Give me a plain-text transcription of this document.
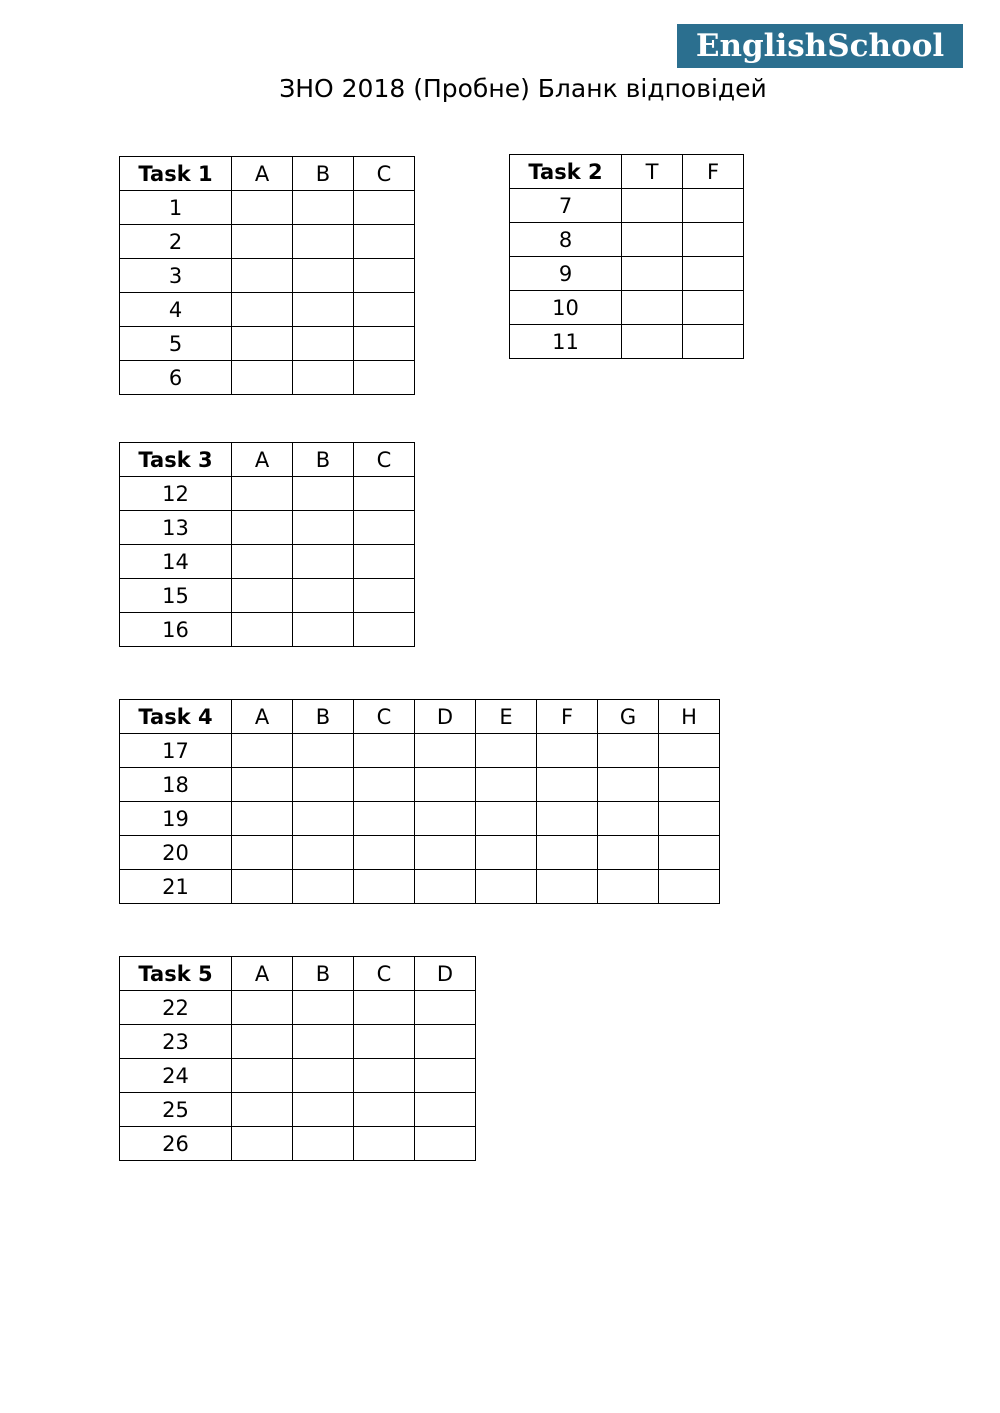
EnglishSchool
ЗНО 2018 (Пробне) Бланк відповідей
Task 1	A	B	C
1			
2			
3			
4			
5			
6			
Task 2	T	F
7		
8		
9		
10		
11		
Task 3	A	B	C
12			
13			
14			
15			
16			
Task 4	A	B	C	D	E	F	G	H
17								
18								
19								
20								
21								
Task 5	A	B	C	D
22				
23				
24				
25				
26				
